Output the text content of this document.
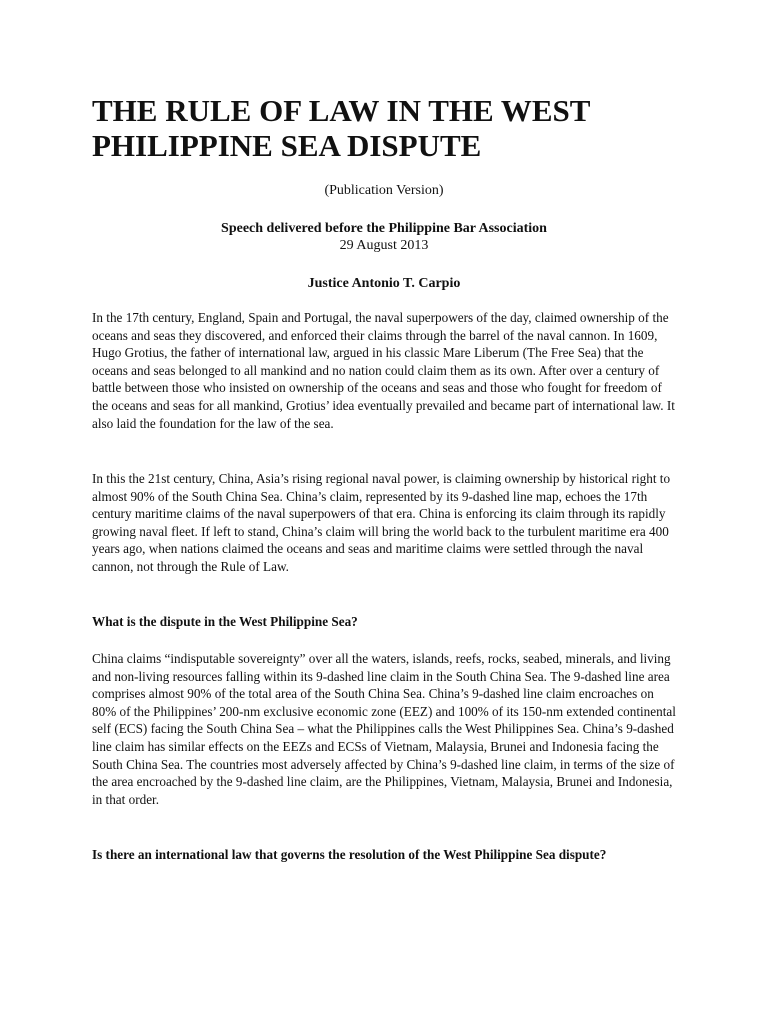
THE RULE OF LAW IN THE WEST PHILIPPINE SEA DISPUTE

(Publication Version)

Speech delivered before the Philippine Bar Association

29 August 2013

Justice Antonio T. Carpio

In the 17th century, England, Spain and Portugal, the naval superpowers of the day, claimed ownership of the oceans and seas they discovered, and enforced their claims through the barrel of the naval cannon. In 1609, Hugo Grotius, the father of international law, argued in his classic Mare Liberum (The Free Sea) that the oceans and seas belonged to all mankind and no nation could claim them as its own. After over a century of battle between those who insisted on ownership of the oceans and seas and those who fought for freedom of the oceans and seas for all mankind, Grotius’ idea eventually prevailed and became part of international law. It also laid the foundation for the law of the sea.

In this the 21st century, China, Asia’s rising regional naval power, is claiming ownership by historical right to almost 90% of the South China Sea. China’s claim, represented by its 9-dashed line map, echoes the 17th century maritime claims of the naval superpowers of that era. China is enforcing its claim through its rapidly growing naval fleet. If left to stand, China’s claim will bring the world back to the turbulent maritime era 400 years ago, when nations claimed the oceans and seas and maritime claims were settled through the naval cannon, not through the Rule of Law.

What is the dispute in the West Philippine Sea?

China claims “indisputable sovereignty” over all the waters, islands, reefs, rocks, seabed, minerals, and living and non-living resources falling within its 9-dashed line claim in the South China Sea. The 9-dashed line area comprises almost 90% of the total area of the South China Sea. China’s 9-dashed line claim encroaches on 80% of the Philippines’ 200-nm exclusive economic zone (EEZ) and 100% of its 150-nm extended continental self (ECS) facing the South China Sea – what the Philippines calls the West Philippines Sea. China’s 9-dashed line claim has similar effects on the EEZs and ECSs of Vietnam, Malaysia, Brunei and Indonesia facing the South China Sea. The countries most adversely affected by China’s 9-dashed line claim, in terms of the size of the area encroached by the 9-dashed line claim, are the Philippines, Vietnam, Malaysia, Brunei and Indonesia, in that order.

Is there an international law that governs the resolution of the West Philippine Sea dispute?
